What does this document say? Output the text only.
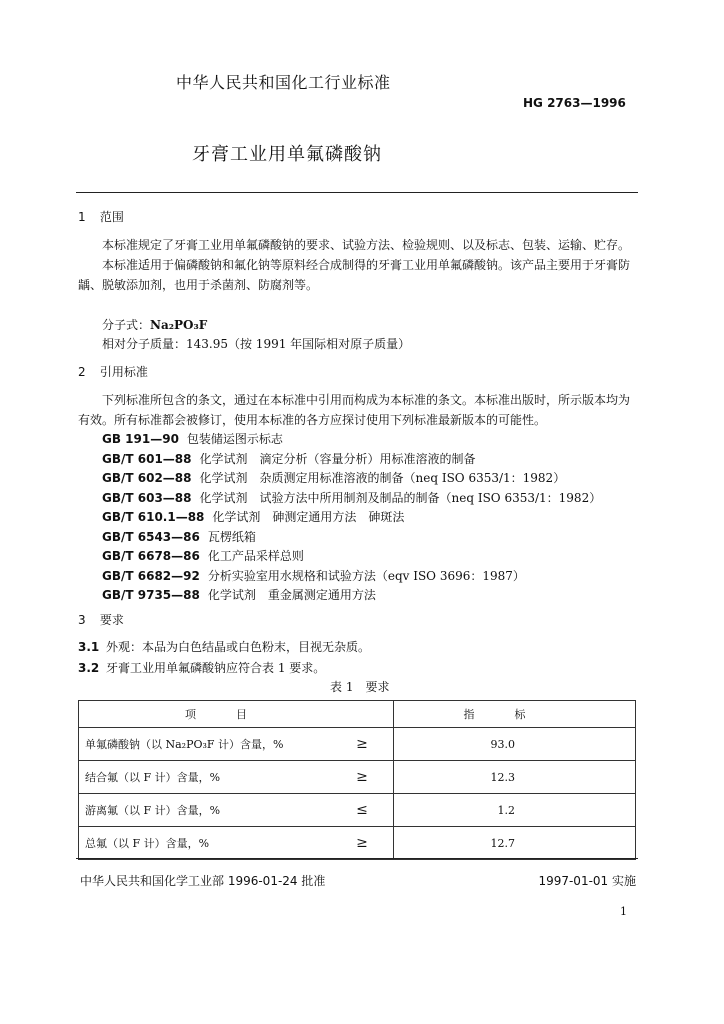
中华人民共和国化工行业标准
HG 2763—1996
牙膏工业用单氟磷酸钠
1 范围

本标准规定了牙膏工业用单氟磷酸钠的要求、试验方法、检验规则、以及标志、包装、运输、贮存。

本标准适用于偏磷酸钠和氟化钠等原料经合成制得的牙膏工业用单氟磷酸钠。该产品主要用于牙膏防龋、脱敏添加剂，也用于杀菌剂、防腐剂等。

分子式：Na₂PO₃F
相对分子质量：143.95（按 1991 年国际相对原子质量）
2 引用标准

下列标准所包含的条文，通过在本标准中引用而构成为本标准的条文。本标准出版时，所示版本均为有效。所有标准都会被修订，使用本标准的各方应探讨使用下列标准最新版本的可能性。

GB 191—90 包装储运图示标志
GB/T 601—88 化学试剂　滴定分析（容量分析）用标准溶液的制备
GB/T 602—88 化学试剂　杂质测定用标准溶液的制备（neq ISO 6353/1：1982）
GB/T 603—88 化学试剂　试验方法中所用制剂及制品的制备（neq ISO 6353/1：1982）
GB/T 610.1—88 化学试剂　砷测定通用方法　砷斑法
GB/T 6543—86 瓦楞纸箱
GB/T 6678—86 化工产品采样总则
GB/T 6682—92 分析实验室用水规格和试验方法（eqv ISO 3696：1987）
GB/T 9735—88 化学试剂　重金属测定通用方法
3 要求
3.1 外观：本品为白色结晶或白色粉末，目视无杂质。
3.2 牙膏工业用单氟磷酸钠应符合表 1 要求。
表 1　要求
项目		指标
单氟磷酸钠（以 Na₂PO₃F 计）含量，%	≥	93.0
结合氟（以 F 计）含量，%	≥	12.3
游离氟（以 F 计）含量，%	≤	1.2
总氟（以 F 计）含量，%	≥	12.7
中华人民共和国化学工业部 1996-01-24 批准	1997-01-01 实施
1
